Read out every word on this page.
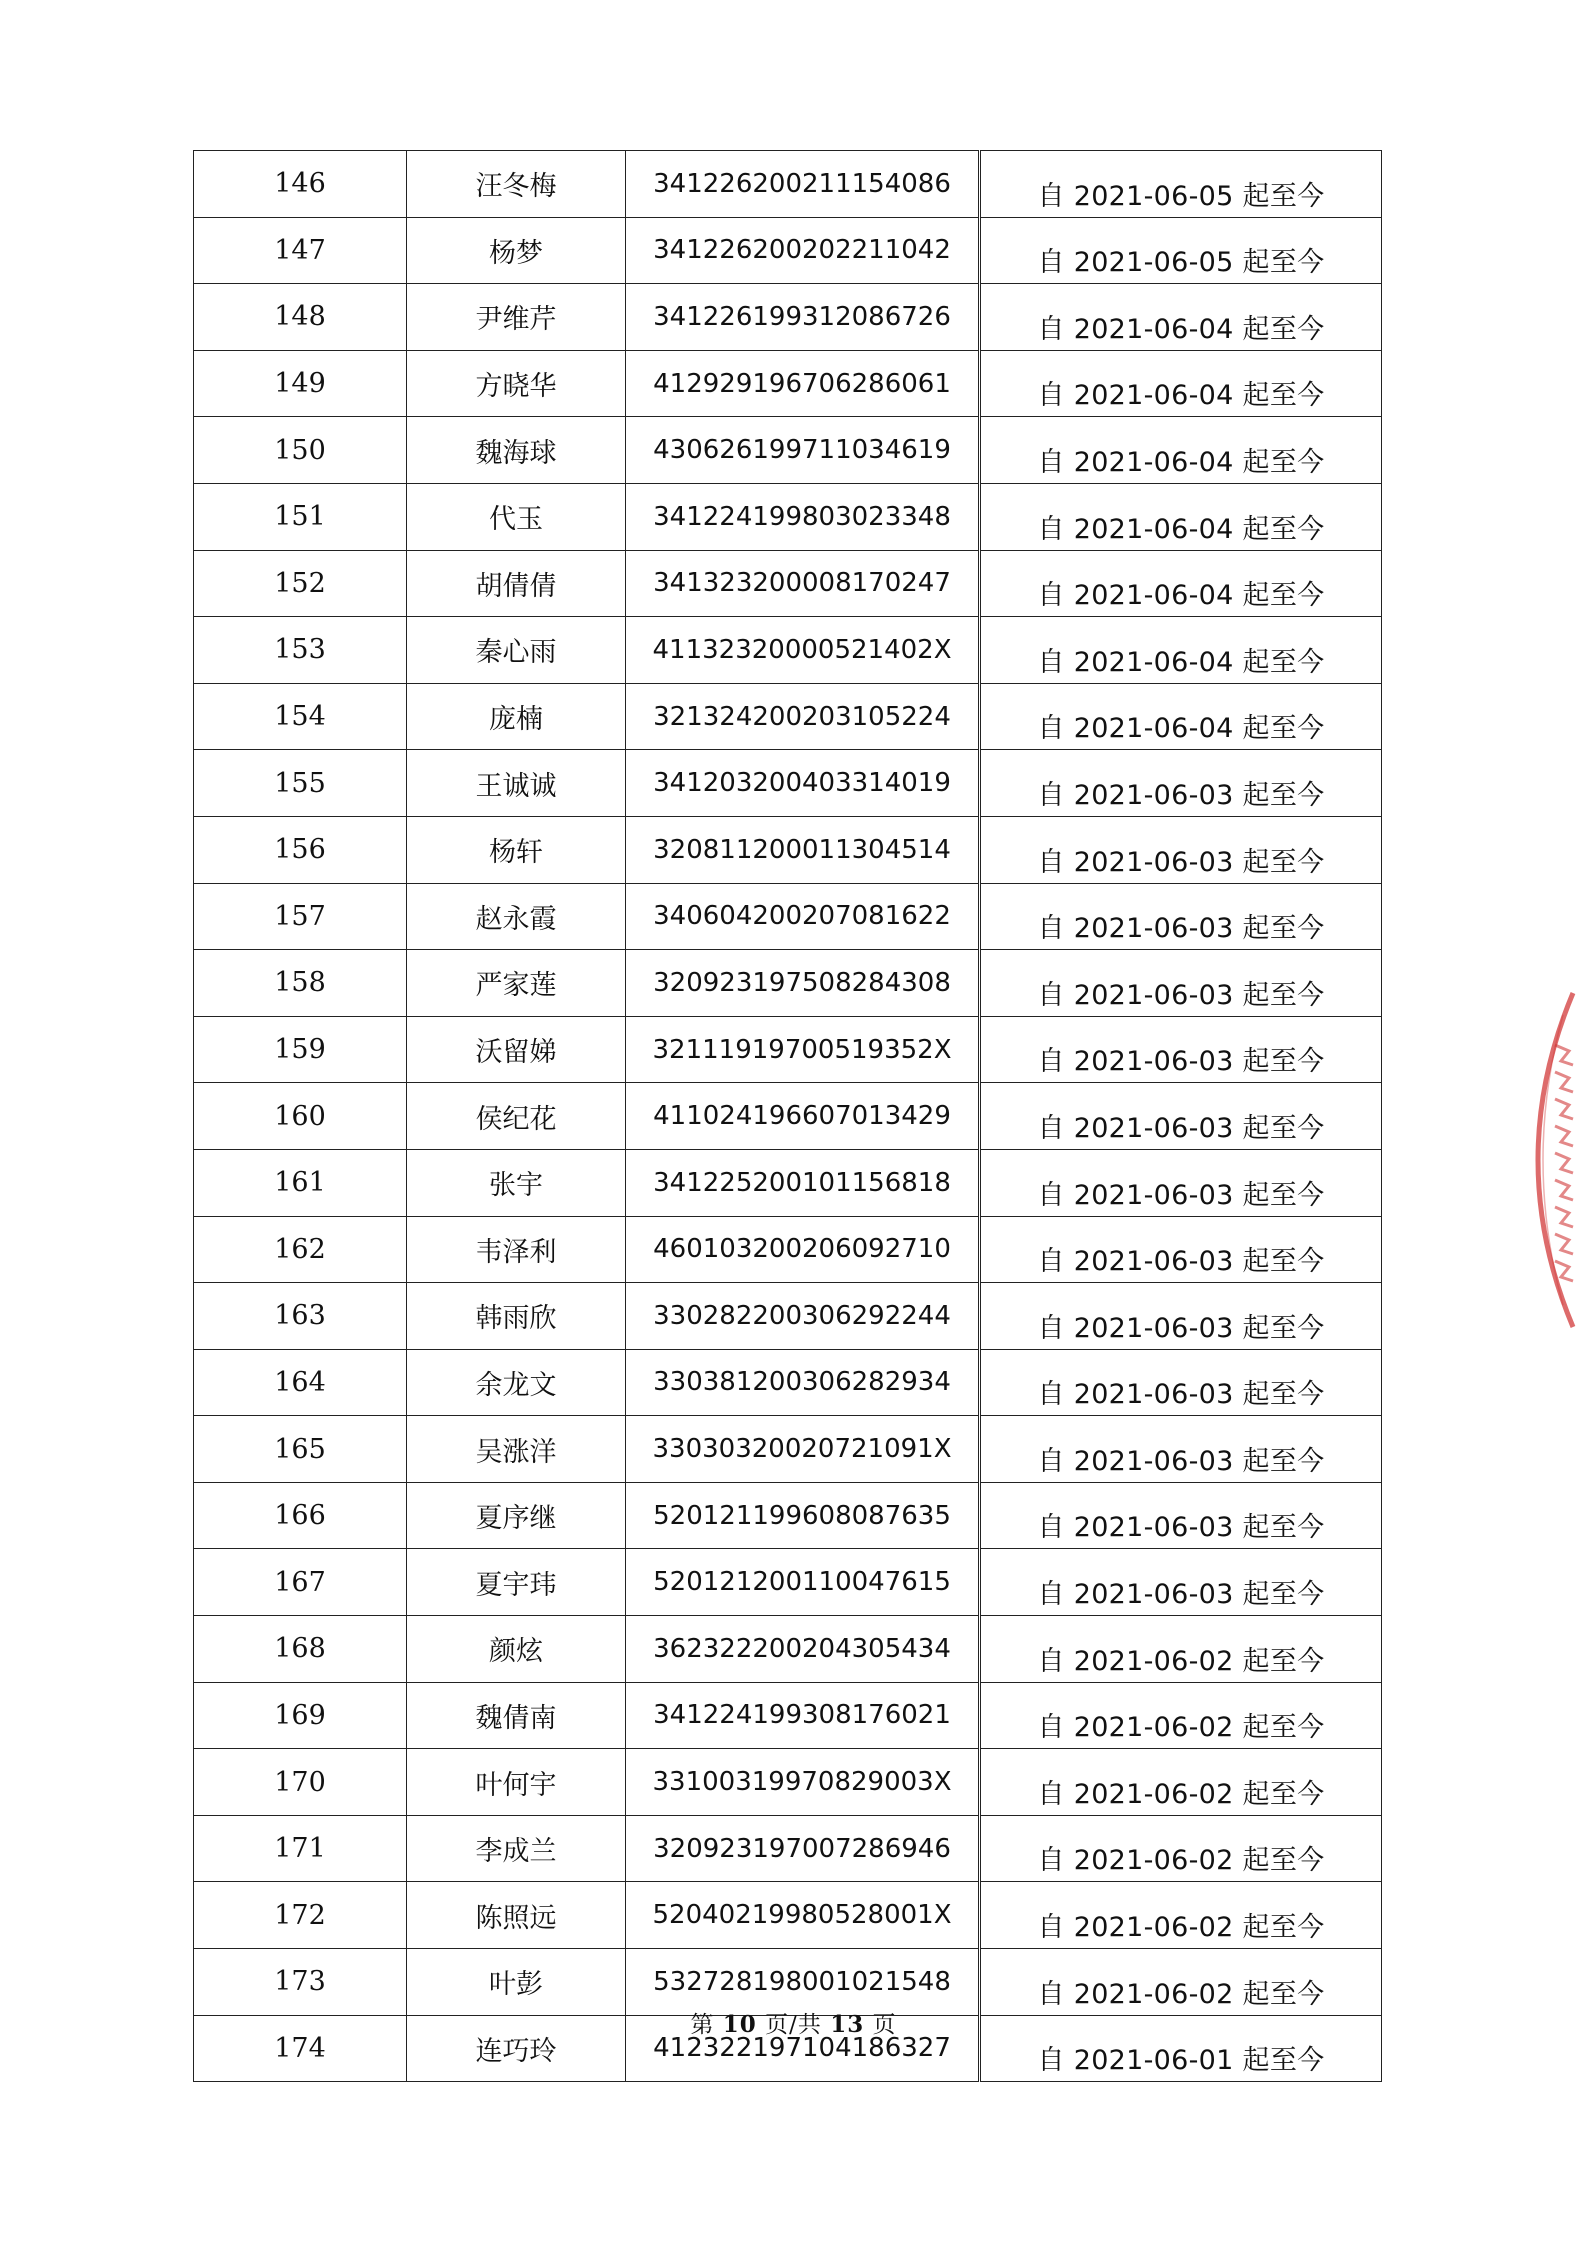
146	汪冬梅	341226200211154086	自 2021-06-05 起至今
147	杨梦	341226200202211042	自 2021-06-05 起至今
148	尹维芹	341226199312086726	自 2021-06-04 起至今
149	方晓华	412929196706286061	自 2021-06-04 起至今
150	魏海球	430626199711034619	自 2021-06-04 起至今
151	代玉	341224199803023348	自 2021-06-04 起至今
152	胡倩倩	341323200008170247	自 2021-06-04 起至今
153	秦心雨	41132320000521402X	自 2021-06-04 起至今
154	庞楠	321324200203105224	自 2021-06-04 起至今
155	王诚诚	341203200403314019	自 2021-06-03 起至今
156	杨轩	320811200011304514	自 2021-06-03 起至今
157	赵永霞	340604200207081622	自 2021-06-03 起至今
158	严家莲	320923197508284308	自 2021-06-03 起至今
159	沃留娣	32111919700519352X	自 2021-06-03 起至今
160	侯纪花	411024196607013429	自 2021-06-03 起至今
161	张宇	341225200101156818	自 2021-06-03 起至今
162	韦泽利	460103200206092710	自 2021-06-03 起至今
163	韩雨欣	330282200306292244	自 2021-06-03 起至今
164	余龙文	330381200306282934	自 2021-06-03 起至今
165	吴涨洋	33030320020721091X	自 2021-06-03 起至今
166	夏序继	520121199608087635	自 2021-06-03 起至今
167	夏宇玮	520121200110047615	自 2021-06-03 起至今
168	颜炫	362322200204305434	自 2021-06-02 起至今
169	魏倩南	341224199308176021	自 2021-06-02 起至今
170	叶何宇	33100319970829003X	自 2021-06-02 起至今
171	李成兰	320923197007286946	自 2021-06-02 起至今
172	陈照远	52040219980528001X	自 2021-06-02 起至今
173	叶彭	532728198001021548	自 2021-06-02 起至今
174	连巧玲	412322197104186327	自 2021-06-01 起至今
第 10 页/共 13 页
